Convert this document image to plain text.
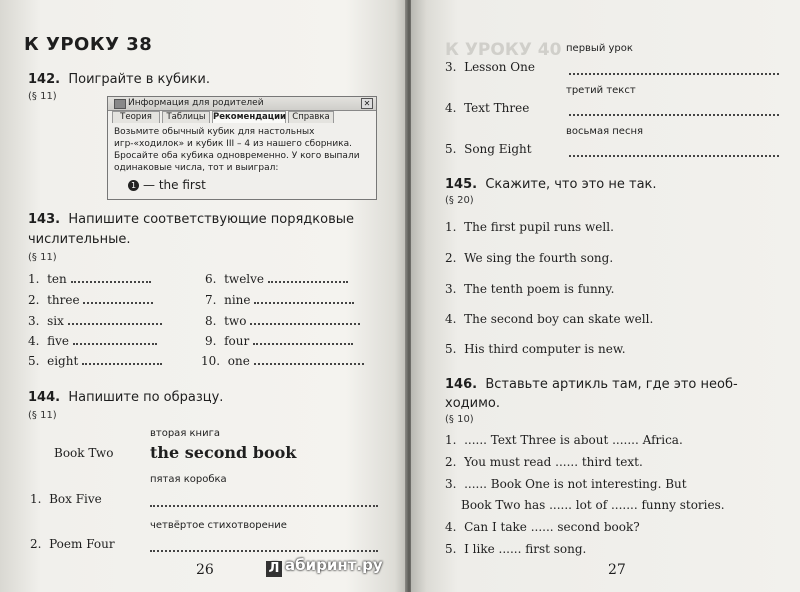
К УРОКУ 38
142. Поиграйте в кубики.
(§ 11)
Информация для родителей	✕
Теория	Таблицы Рекомендации Справка
Возьмите обычный кубик для настольных игр-«ходилок» и кубик III – 4 из нашего сборника. Бросайте оба кубика одновременно. У кого выпали одинаковые числа, тот и выиграл:
1 — the first
143. Напишите соответствующие порядковые
числительные.
(§ 11)
1. ten
2. three
3. six
4. five
5. eight
6. twelve
7. nine
8. two
9. four
10. one
144. Напишите по образцу.
(§ 11)
вторая книга
Book Two the second book
пятая коробка
1. Box Five
четвёртое стихотворение
2. Poem Four
26
К УРОКУ 40 первый урок
3. Lesson One
третий текст
4. Text Three
восьмая песня
5. Song Eight
145. Скажите, что это не так.
(§ 20)
1. The first pupil runs well.
2. We sing the fourth song.
3. The tenth poem is funny.
4. The second boy can skate well.
5. His third computer is new.
146. Вставьте артикль там, где это необ-
ходимо.
(§ 10)
1. ...... Text Three is about ....... Africa.
2. You must read ...... third text.
3. ...... Book One is not interesting. But
Book Two has ...... lot of ....... funny stories.
4. Can I take ...... second book?
5. I like ...... first song.
27
Л абиринт.ру
